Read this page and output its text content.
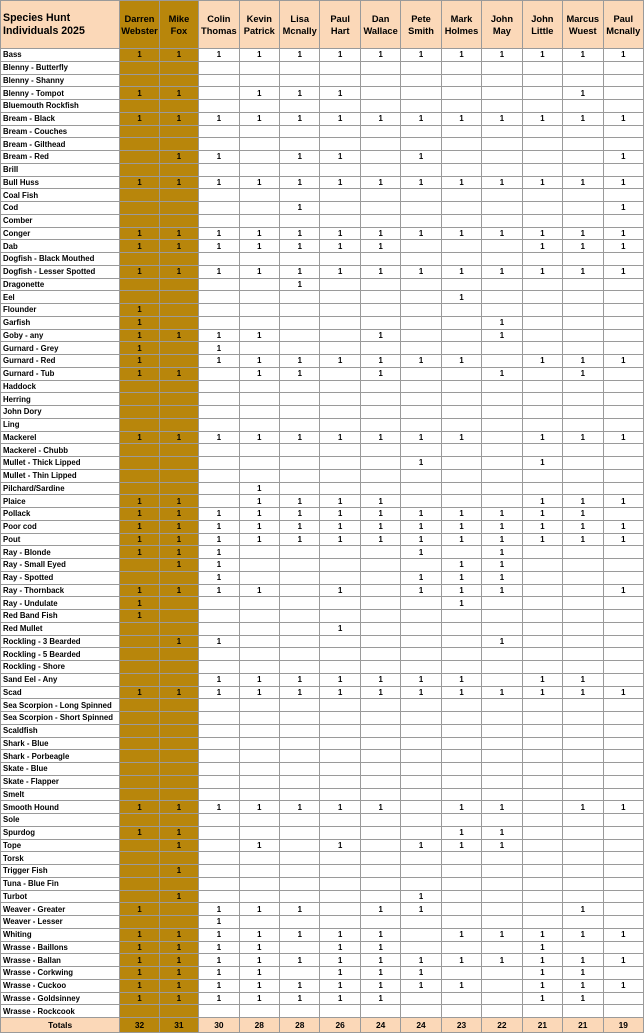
Species Hunt Individuals 2025	Darren Webster	Mike Fox	Colin Thomas	Kevin Patrick	Lisa Mcnally	Paul Hart	Dan Wallace	Pete Smith	Mark Holmes	John May	John Little	Marcus Wuest	Paul Mcnally
Bass	1	1	1	1	1	1	1	1	1	1	1	1	1
Blenny - Butterfly													
Blenny - Shanny													
Blenny - Tompot	1	1		1	1	1						1	
Bluemouth Rockfish													
Bream - Black	1	1	1	1	1	1	1	1	1	1	1	1	1
Bream - Couches													
Bream - Gilthead													
Bream - Red		1	1		1	1		1					1
Brill													
Bull Huss	1	1	1	1	1	1	1	1	1	1	1	1	1
Coal Fish													
Cod					1								1
Comber													
Conger	1	1	1	1	1	1	1	1	1	1	1	1	1
Dab	1	1	1	1	1	1	1				1	1	1
Dogfish - Black Mouthed													
Dogfish - Lesser Spotted	1	1	1	1	1	1	1	1	1	1	1	1	1
Dragonette					1								
Eel									1				
Flounder	1												
Garfish	1									1			
Goby - any	1	1	1	1			1			1			
Gurnard - Grey	1		1										
Gurnard - Red	1		1	1	1	1	1	1	1		1	1	1
Gurnard - Tub	1	1		1	1		1			1		1	
Haddock													
Herring													
John Dory													
Ling													
Mackerel	1	1	1	1	1	1	1	1	1		1	1	1
Mackerel - Chubb													
Mullet - Thick Lipped								1			1		
Mullet - Thin Lipped													
Pilchard/Sardine				1									
Plaice	1	1		1	1	1	1				1	1	1
Pollack	1	1	1	1	1	1	1	1	1	1	1	1	
Poor cod	1	1	1	1	1	1	1	1	1	1	1	1	1
Pout	1	1	1	1	1	1	1	1	1	1	1	1	1
Ray - Blonde	1	1	1					1		1			
Ray - Small Eyed		1	1						1	1			
Ray - Spotted			1					1	1	1			
Ray - Thornback	1	1	1	1		1		1	1	1			1
Ray - Undulate	1								1				
Red Band Fish	1												
Red Mullet						1							
Rockling - 3 Bearded		1	1							1			
Rockling - 5 Bearded													
Rockling - Shore													
Sand Eel - Any			1	1	1	1	1	1	1		1	1	
Scad	1	1	1	1	1	1	1	1	1	1	1	1	1
Sea Scorpion - Long Spinned													
Sea Scorpion - Short Spinned													
Scaldfish													
Shark - Blue													
Shark - Porbeagle													
Skate - Blue													
Skate - Flapper													
Smelt													
Smooth Hound	1	1	1	1	1	1	1		1	1		1	1
Sole													
Spurdog	1	1							1	1			
Tope		1		1		1		1	1	1			
Torsk													
Trigger Fish		1											
Tuna - Blue Fin													
Turbot		1						1					
Weaver - Greater	1		1	1	1		1	1				1	
Weaver - Lesser			1										
Whiting	1	1	1	1	1	1	1		1	1	1	1	1
Wrasse - Baillons	1	1	1	1		1	1				1		
Wrasse - Ballan	1	1	1	1	1	1	1	1	1	1	1	1	1
Wrasse - Corkwing	1	1	1	1		1	1	1			1	1	
Wrasse - Cuckoo	1	1	1	1	1	1	1	1	1		1	1	1
Wrasse - Goldsinney	1	1	1	1	1	1	1				1	1	
Wrasse - Rockcook													
Totals	32	31	30	28	28	26	24	24	23	22	21	21	19
